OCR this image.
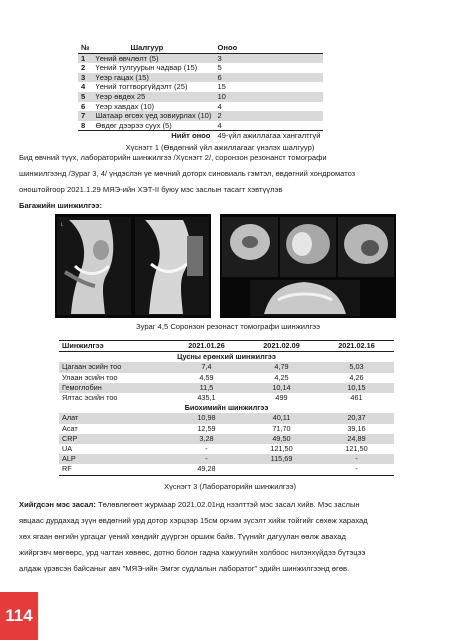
№	Шалгуур	Оноо
1	Үений өвчлөлт (5)	3
2	Үений тулгуурын чадвар (15)	5
3	Үеэр гацах (15)	6
4	Үений тогтворгүйдэлт (25)	15
5	Үеэр өвдөх 25	10
6	Үеэр хавдах (10)	4
7	Шатаар өгсөх үед зовиурлах (10)	2
8	Өвдөг дээрээ суух (5)	4
	Нийт оноо	49-үйл ажиллагаа хангалтгүй
Хүснэгт 1 (Өвдөгний үйл ажиллагааг үнэлэх шалгуур)
Бид өвчний түүх, лабораторийн шинжилгээ /Хүснэгт 2/, соронзон резонанст томографи
шинжилгээнд /Зураг 3, 4/ үндэслэн үе мөчний доторх синовиаль гэмтэл, өвдөгний хондроматоз
оноштойгоор 2021.1.29 МЯЭ-ийн ХЭТ-II буюу мэс заслын тасагт хэвтүүлэв
Багажийн шинжилгээ:
L
Зураг 4,5 Соронзон резонаст томографи шинжилгээ
Шинжилгээ	2021.01.26	2021.02.09	2021.02.16
Цусны ерөнхий шинжилгээ			
Цагаан эсийн тоо	7,4	4,79	5,03
Улаан эсийн тоо	4,59	4,25	4,26
Гемоглобин	11,5	10,14	10,15
Ялтас эсийн тоо	435,1	499	461
Биохимийн шинжилгээ			
Алат	10,98	40,11	20,37
Асат	12,59	71,70	39,16
CRP	3,28	49,50	24,89
UA	-	121,50	121,50
ALP	-	115,69	-
RF	49,28		-
Хүснэгт 3 (Лабораторийн шинжилгээ)
Хийгдсэн мэс засал: Төлөвлөгөөт журмаар 2021.02.01нд нээлттэй мэс засал хийв. Мэс заслын
явцаас дурдахад зүүн өвдөгний урд дотор хэрцээр 15см орчим зүсэлт хийж тойгийг сөхөж харахад
хөх ягаан өнгийн ургацаг үений хөндийг дүүргэн оршиж байв. Түүнийг дагуулан өөлж авахад
жийргэвч мөгөөрс, урд чагтан хөвөөс, дотно болон гадна хажуугийн холбоос нилэнхүйдээ бүтэцээ
алдаж үрэвсэн байсаныг авч "МЯЭ-ийн Эмгэг судлалын лаборатог" эдийн шинжилгээнд өгөв.
114
